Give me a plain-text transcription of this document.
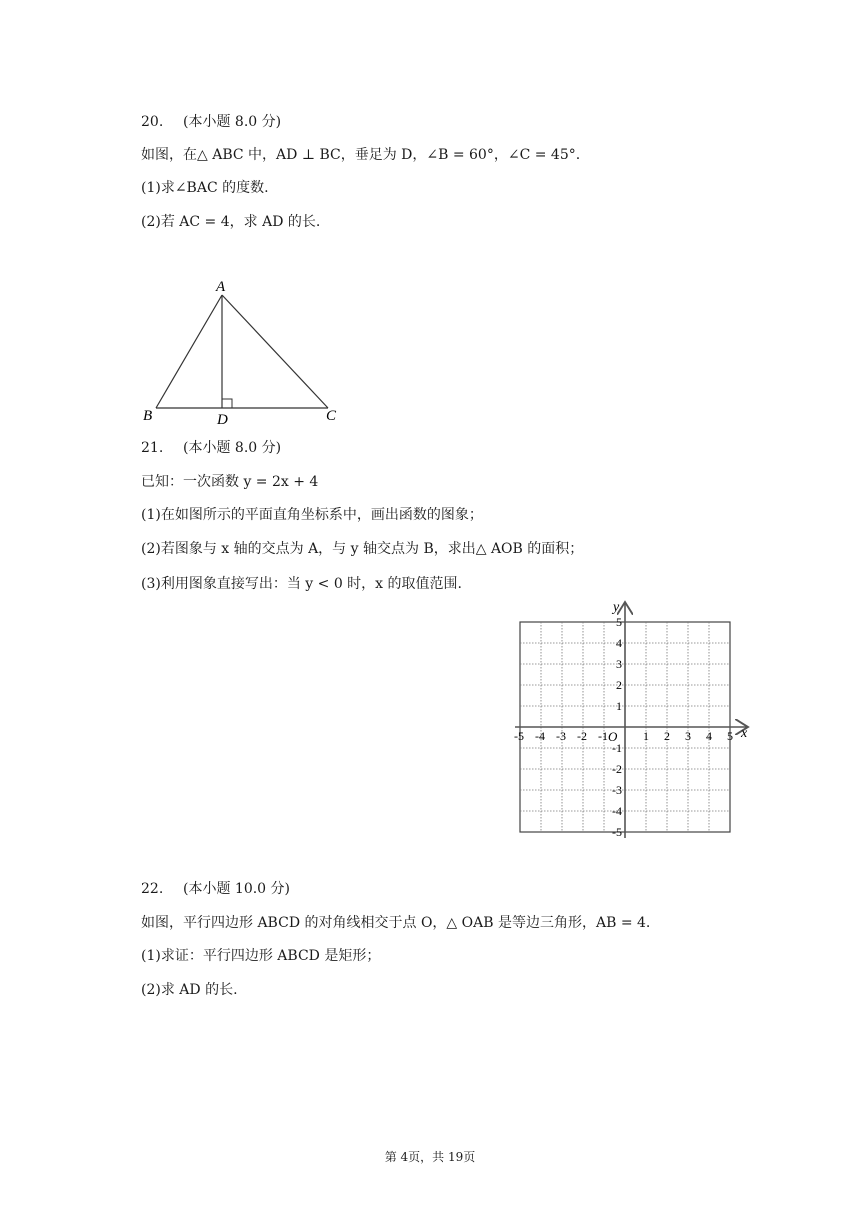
20. (本小题 8.0 分)
如图，在△ ABC 中，AD ⊥ BC，垂足为 D，∠B = 60°，∠C = 45°.
(1)求∠BAC 的度数.
(2)若 AC = 4，求 AD 的长.
A
B	D	C
21. (本小题 8.0 分)
已知：一次函数 y = 2x + 4
(1)在如图所示的平面直角坐标系中，画出函数的图象；
(2)若图象与 x 轴的交点为 A，与 y 轴交点为 B，求出△ AOB 的面积；
(3)利用图象直接写出：当 y < 0 时，x 的取值范围.
x
y
O
-5 -4 -3 -2 -1	1 2 3 4 5
5
4
3
2
1
-1
-2
-3
-4
-5
22. (本小题 10.0 分)
如图，平行四边形 ABCD 的对角线相交于点 O，△ OAB 是等边三角形，AB = 4.
(1)求证：平行四边形 ABCD 是矩形；
(2)求 AD 的长.
第 4页，共 19页
